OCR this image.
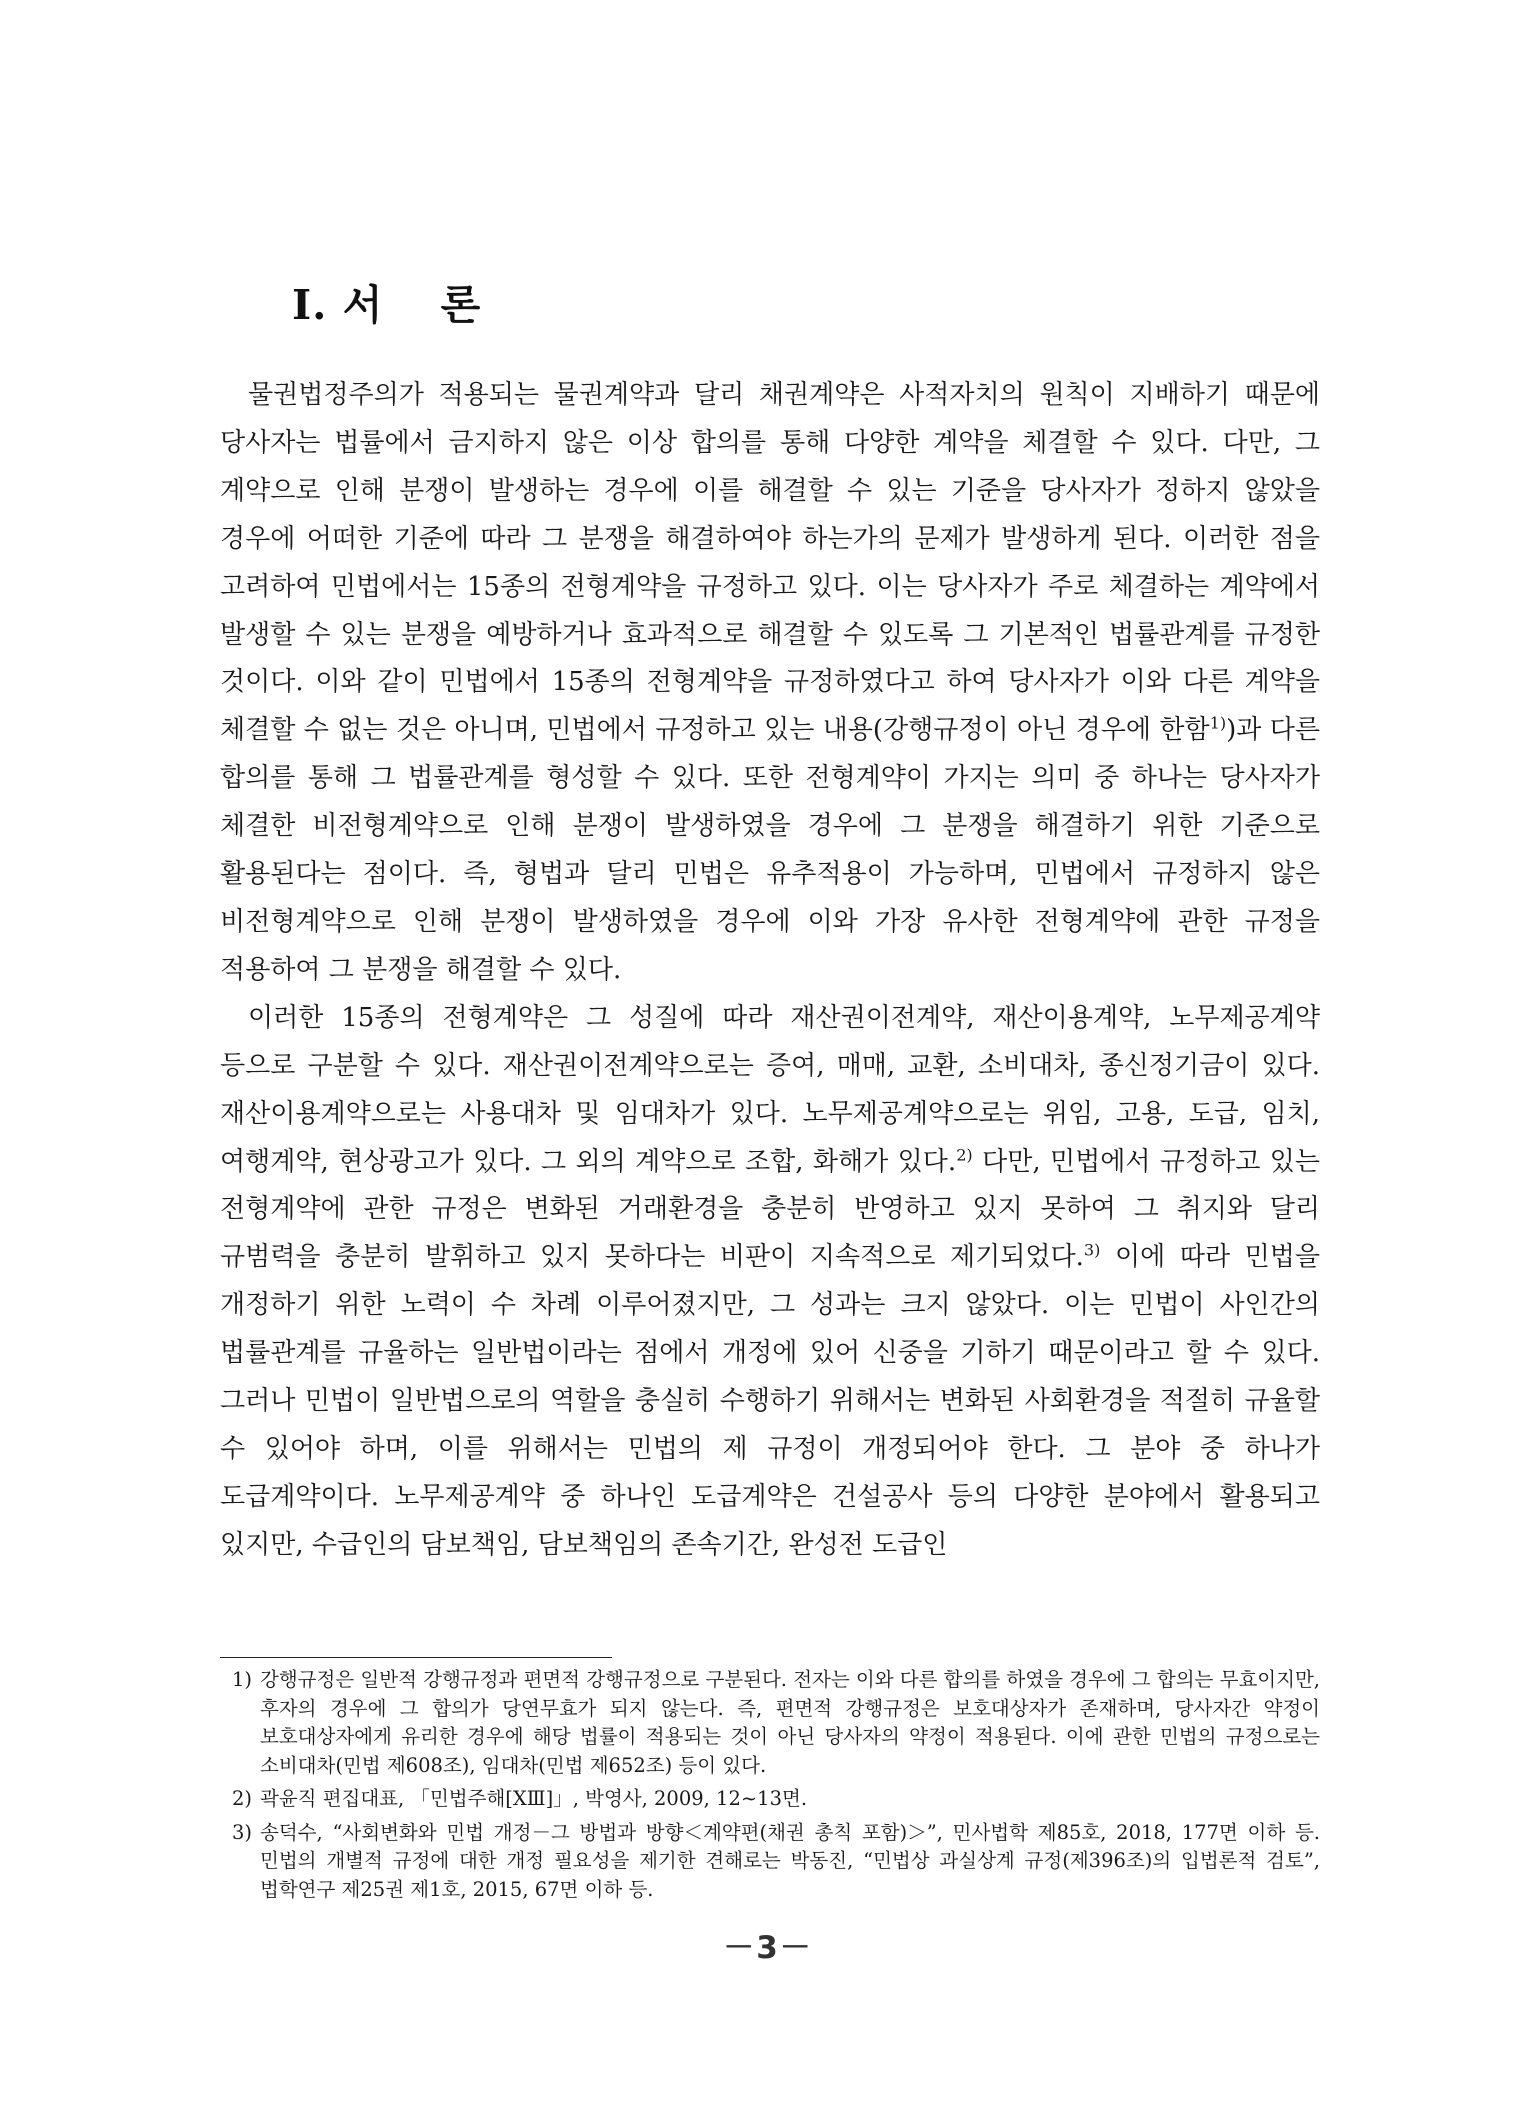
Ⅰ. 서 론

물권법정주의가 적용되는 물권계약과 달리 채권계약은 사적자치의 원칙이 지배하기 때문에 당사자는 법률에서 금지하지 않은 이상 합의를 통해 다양한 계약을 체결할 수 있다. 다만, 그 계약으로 인해 분쟁이 발생하는 경우에 이를 해결할 수 있는 기준을 당사자가 정하지 않았을 경우에 어떠한 기준에 따라 그 분쟁을 해결하여야 하는가의 문제가 발생하게 된다. 이러한 점을 고려하여 민법에서는 15종의 전형계약을 규정하고 있다. 이는 당사자가 주로 체결하는 계약에서 발생할 수 있는 분쟁을 예방하거나 효과적으로 해결할 수 있도록 그 기본적인 법률관계를 규정한 것이다. 이와 같이 민법에서 15종의 전형계약을 규정하였다고 하여 당사자가 이와 다른 계약을 체결할 수 없는 것은 아니며, 민법에서 규정하고 있는 내용(강행규정이 아닌 경우에 한함$^{1)}$)과 다른 합의를 통해 그 법률관계를 형성할 수 있다. 또한 전형계약이 가지는 의미 중 하나는 당사자가 체결한 비전형계약으로 인해 분쟁이 발생하였을 경우에 그 분쟁을 해결하기 위한 기준으로 활용된다는 점이다. 즉, 형법과 달리 민법은 유추적용이 가능하며, 민법에서 규정하지 않은 비전형계약으로 인해 분쟁이 발생하였을 경우에 이와 가장 유사한 전형계약에 관한 규정을 적용하여 그 분쟁을 해결할 수 있다.

이러한 15종의 전형계약은 그 성질에 따라 재산권이전계약, 재산이용계약, 노무제공계약 등으로 구분할 수 있다. 재산권이전계약으로는 증여, 매매, 교환, 소비대차, 종신정기금이 있다. 재산이용계약으로는 사용대차 및 임대차가 있다. 노무제공계약으로는 위임, 고용, 도급, 임치, 여행계약, 현상광고가 있다. 그 외의 계약으로 조합, 화해가 있다.$^{2)}$ 다만, 민법에서 규정하고 있는 전형계약에 관한 규정은 변화된 거래환경을 충분히 반영하고 있지 못하여 그 취지와 달리 규범력을 충분히 발휘하고 있지 못하다는 비판이 지속적으로 제기되었다.$^{3)}$ 이에 따라 민법을 개정하기 위한 노력이 수 차례 이루어졌지만, 그 성과는 크지 않았다. 이는 민법이 사인간의 법률관계를 규율하는 일반법이라는 점에서 개정에 있어 신중을 기하기 때문이라고 할 수 있다. 그러나 민법이 일반법으로의 역할을 충실히 수행하기 위해서는 변화된 사회환경을 적절히 규율할 수 있어야 하며, 이를 위해서는 민법의 제 규정이 개정되어야 한다. 그 분야 중 하나가 도급계약이다. 노무제공계약 중 하나인 도급계약은 건설공사 등의 다양한 분야에서 활용되고 있지만, 수급인의 담보책임, 담보책임의 존속기간, 완성전 도급인

1) 강행규정은 일반적 강행규정과 편면적 강행규정으로 구분된다. 전자는 이와 다른 합의를 하였을 경우에 그 합의는 무효이지만, 후자의 경우에 그 합의가 당연무효가 되지 않는다. 즉, 편면적 강행규정은 보호대상자가 존재하며, 당사자간 약정이 보호대상자에게 유리한 경우에 해당 법률이 적용되는 것이 아닌 당사자의 약정이 적용된다. 이에 관한 민법의 규정으로는 소비대차(민법 제608조), 임대차(민법 제652조) 등이 있다.
2) 곽윤직 편집대표, 「민법주해[ⅩⅢ]」, 박영사, 2009, 12∼13면.
3) 송덕수, “사회변화와 민법 개정－그 방법과 방향＜계약편(채권 총칙 포함)＞”, 민사법학 제85호, 2018, 177면 이하 등. 민법의 개별적 규정에 대한 개정 필요성을 제기한 견해로는 박동진, “민법상 과실상계 규정(제396조)의 입법론적 검토”, 법학연구 제25권 제1호, 2015, 67면 이하 등.
－3－
